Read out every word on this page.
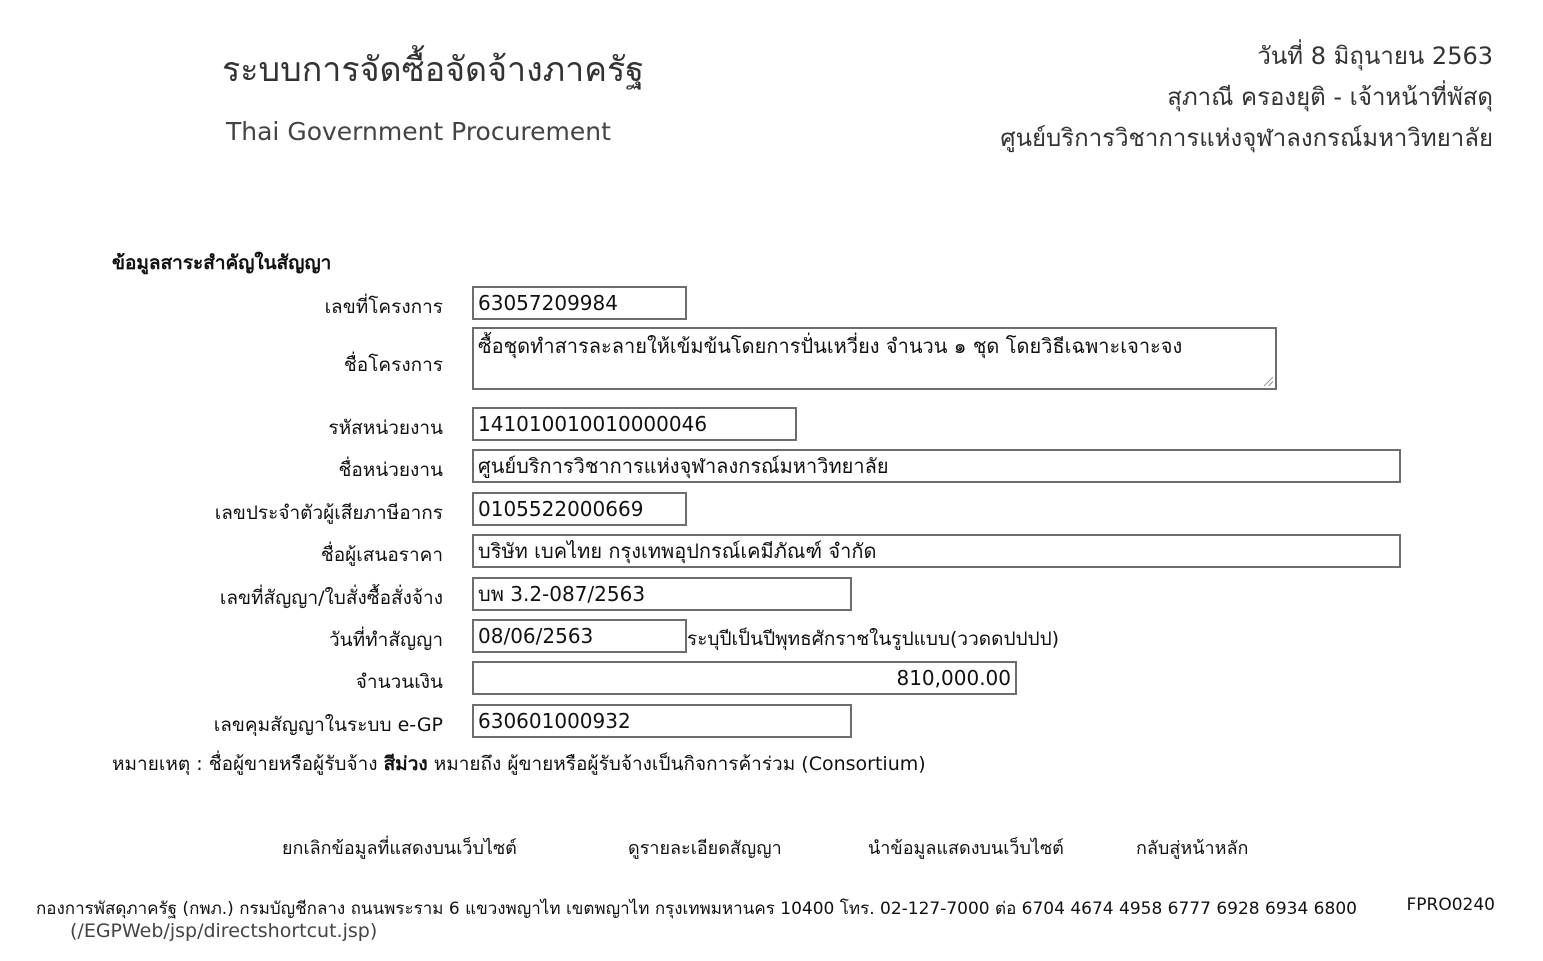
ระบบการจัดซื้อจัดจ้างภาครัฐ
Thai Government Procurement
วันที่ 8 มิถุนายน 2563
สุภาณี ครองยุติ - เจ้าหน้าที่พัสดุ
ศูนย์บริการวิชาการแห่งจุฬาลงกรณ์มหาวิทยาลัย
ข้อมูลสาระสำคัญในสัญญา
เลขที่โครงการ	63057209984
ชื่อโครงการ
ซื้อชุดทำสารละลายให้เข้มข้นโดยการปั่นเหวี่ยง จำนวน ๑ ชุด โดยวิธีเฉพาะเจาะจง
รหัสหน่วยงาน	141010010010000046
ชื่อหน่วยงาน	ศูนย์บริการวิชาการแห่งจุฬาลงกรณ์มหาวิทยาลัย
เลขประจำตัวผู้เสียภาษีอากร	0105522000669
ชื่อผู้เสนอราคา	บริษัท เบคไทย กรุงเทพอุปกรณ์เคมีภัณฑ์ จำกัด
เลขที่สัญญา/ใบสั่งซื้อสั่งจ้าง	บพ 3.2-087/2563
วันที่ทำสัญญา	08/06/2563	ระบุปีเป็นปีพุทธศักราชในรูปแบบ(ววดดปปปป)
จำนวนเงิน	810,000.00
เลขคุมสัญญาในระบบ e-GP	630601000932
หมายเหตุ : ชื่อผู้ขายหรือผู้รับจ้าง สีม่วง หมายถึง ผู้ขายหรือผู้รับจ้างเป็นกิจการค้าร่วม (Consortium)
ยกเลิกข้อมูลที่แสดงบนเว็บไซต์	ดูรายละเอียดสัญญา	นำข้อมูลแสดงบนเว็บไซต์	กลับสู่หน้าหลัก
กองการพัสดุภาครัฐ (กพภ.) กรมบัญชีกลาง ถนนพระราม 6 แขวงพญาไท เขตพญาไท กรุงเทพมหานคร 10400 โทร. 02-127-7000 ต่อ 6704 4674 4958 6777 6928 6934 6800	FPRO0240
(/EGPWeb/jsp/directshortcut.jsp)
